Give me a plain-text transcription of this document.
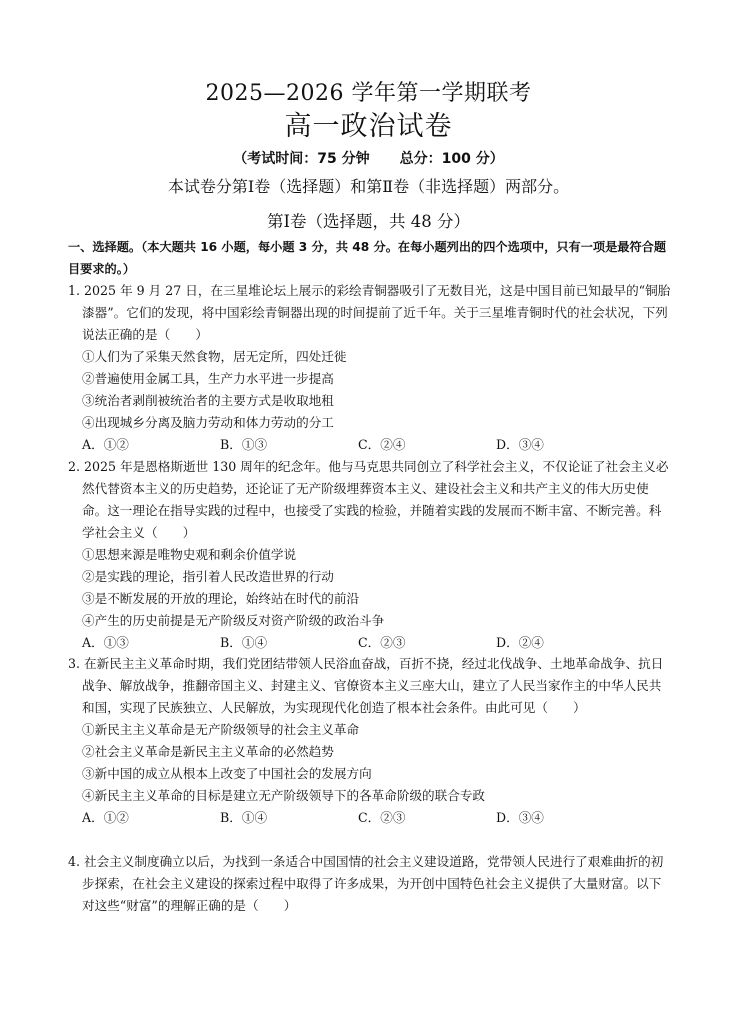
2025—2026 学年第一学期联考
高一政治试卷
（考试时间：75 分钟 总分：100 分）
本试卷分第Ⅰ卷（选择题）和第Ⅱ卷（非选择题）两部分。
第Ⅰ卷（选择题，共 48 分）
一、选择题。（本大题共 16 小题，每小题 3 分，共 48 分。在每小题列出的四个选项中，只有一项是最符合题目要求的。）
1. 2025 年 9 月 27 日，在三星堆论坛上展示的彩绘青铜器吸引了无数目光，这是中国目前已知最早的“铜胎漆器”。它们的发现，将中国彩绘青铜器出现的时间提前了近千年。关于三星堆青铜时代的社会状况，下列说法正确的是（　　）
①人们为了采集天然食物，居无定所，四处迁徙
②普遍使用金属工具，生产力水平进一步提高
③统治者剥削被统治者的主要方式是收取地租
④出现城乡分离及脑力劳动和体力劳动的分工
A．①②	B．①③	C．②④	D．③④
2. 2025 年是恩格斯逝世 130 周年的纪念年。他与马克思共同创立了科学社会主义，不仅论证了社会主义必然代替资本主义的历史趋势，还论证了无产阶级埋葬资本主义、建设社会主义和共产主义的伟大历史使命。这一理论在指导实践的过程中，也接受了实践的检验，并随着实践的发展而不断丰富、不断完善。科学社会主义（　　）
①思想来源是唯物史观和剩余价值学说
②是实践的理论，指引着人民改造世界的行动
③是不断发展的开放的理论，始终站在时代的前沿
④产生的历史前提是无产阶级反对资产阶级的政治斗争
A．①③	B．①④	C．②③	D．②④
3. 在新民主主义革命时期，我们党团结带领人民浴血奋战，百折不挠，经过北伐战争、土地革命战争、抗日战争、解放战争，推翻帝国主义、封建主义、官僚资本主义三座大山，建立了人民当家作主的中华人民共和国，实现了民族独立、人民解放，为实现现代化创造了根本社会条件。由此可见（　　）
①新民主主义革命是无产阶级领导的社会主义革命
②社会主义革命是新民主主义革命的必然趋势
③新中国的成立从根本上改变了中国社会的发展方向
④新民主主义革命的目标是建立无产阶级领导下的各革命阶级的联合专政
A．①②	B．①④	C．②③	D．③④
4. 社会主义制度确立以后，为找到一条适合中国国情的社会主义建设道路，党带领人民进行了艰难曲折的初步探索，在社会主义建设的探索过程中取得了许多成果，为开创中国特色社会主义提供了大量财富。以下对这些“财富”的理解正确的是（　　）
